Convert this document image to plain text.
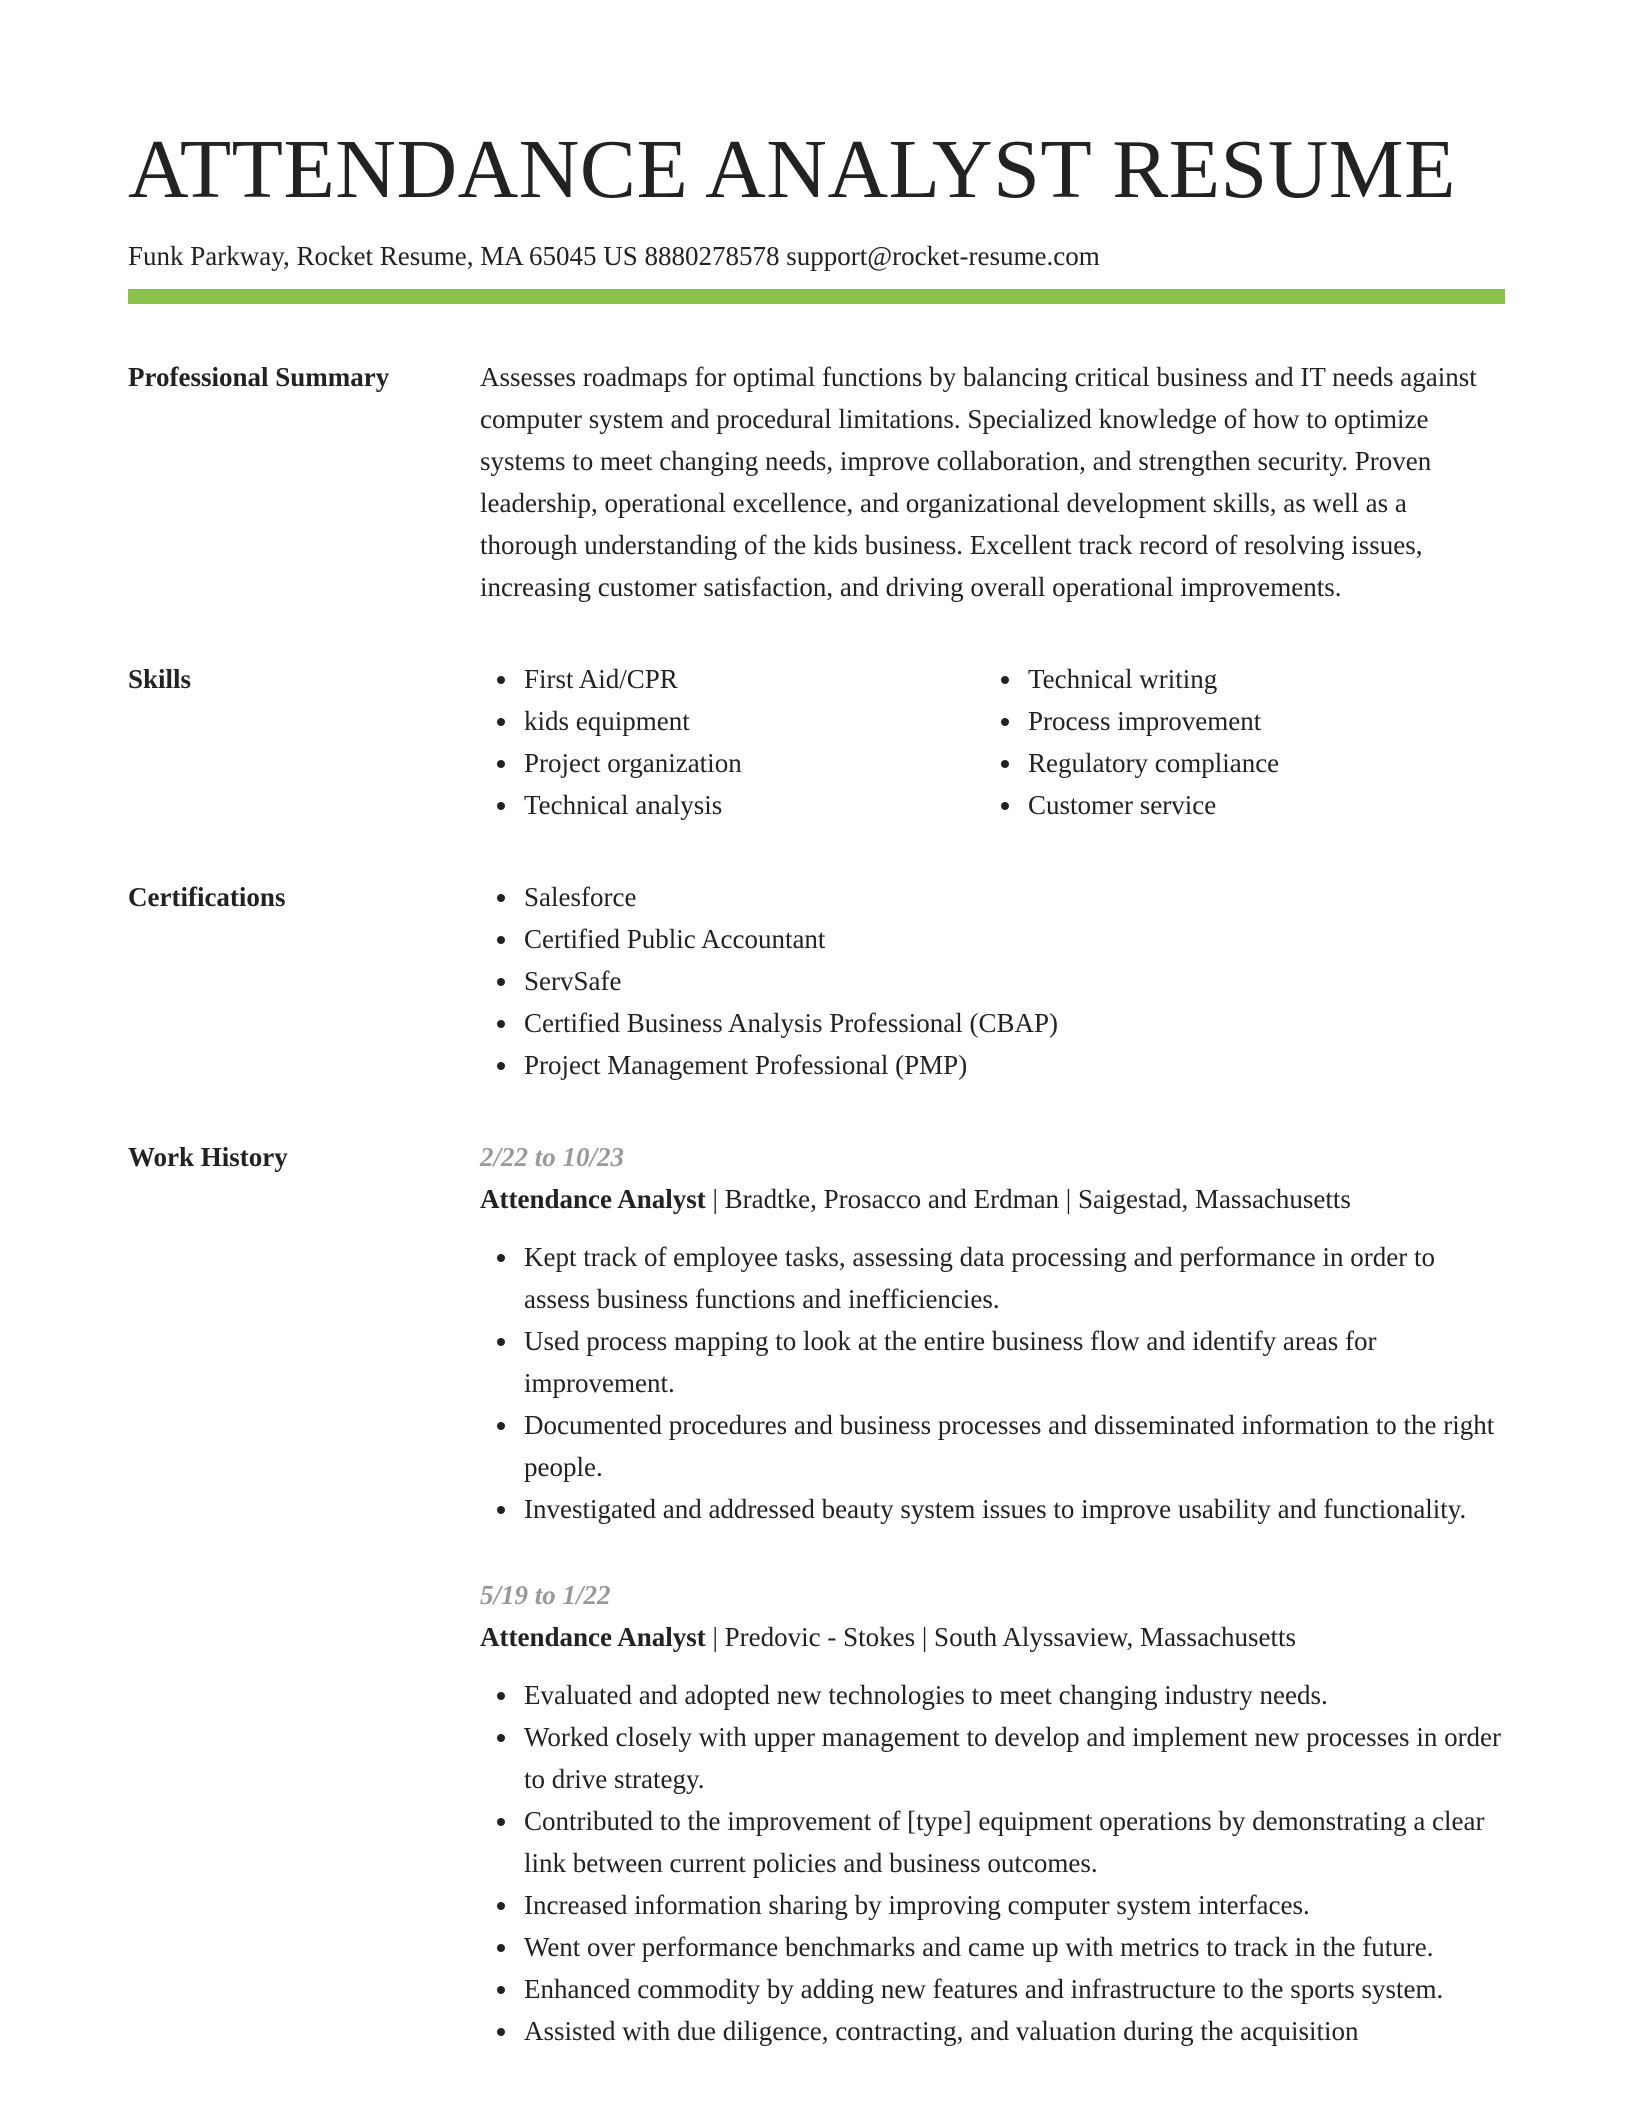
ATTENDANCE ANALYST RESUME
Funk Parkway, Rocket Resume, MA 65045 US 8880278578 support@rocket-resume.com
Professional Summary	Assesses roadmaps for optimal functions by balancing critical business and IT needs against computer system and procedural limitations. Specialized knowledge of how to optimize systems to meet changing needs, improve collaboration, and strengthen security. Proven leadership, operational excellence, and organizational development skills, as well as a thorough understanding of the kids business. Excellent track record of resolving issues, increasing customer satisfaction, and driving overall operational improvements.
Skills	First Aid/CPR
kids equipment
Project organization
Technical analysis
Technical writing
Process improvement
Regulatory compliance
Customer service
Certifications	Salesforce
Certified Public Accountant
ServSafe
Certified Business Analysis Professional (CBAP)
Project Management Professional (PMP)
Work History	2/22 to 10/23
Attendance Analyst | Bradtke, Prosacco and Erdman | Saigestad, Massachusetts
Kept track of employee tasks, assessing data processing and performance in order to assess business functions and inefficiencies.
Used process mapping to look at the entire business flow and identify areas for improvement.
Documented procedures and business processes and disseminated information to the right people.
Investigated and addressed beauty system issues to improve usability and functionality.
5/19 to 1/22
Attendance Analyst | Predovic - Stokes | South Alyssaview, Massachusetts
Evaluated and adopted new technologies to meet changing industry needs.
Worked closely with upper management to develop and implement new processes in order to drive strategy.
Contributed to the improvement of [type] equipment operations by demonstrating a clear link between current policies and business outcomes.
Increased information sharing by improving computer system interfaces.
Went over performance benchmarks and came up with metrics to track in the future.
Enhanced commodity by adding new features and infrastructure to the sports system.
Assisted with due diligence, contracting, and valuation during the acquisition
